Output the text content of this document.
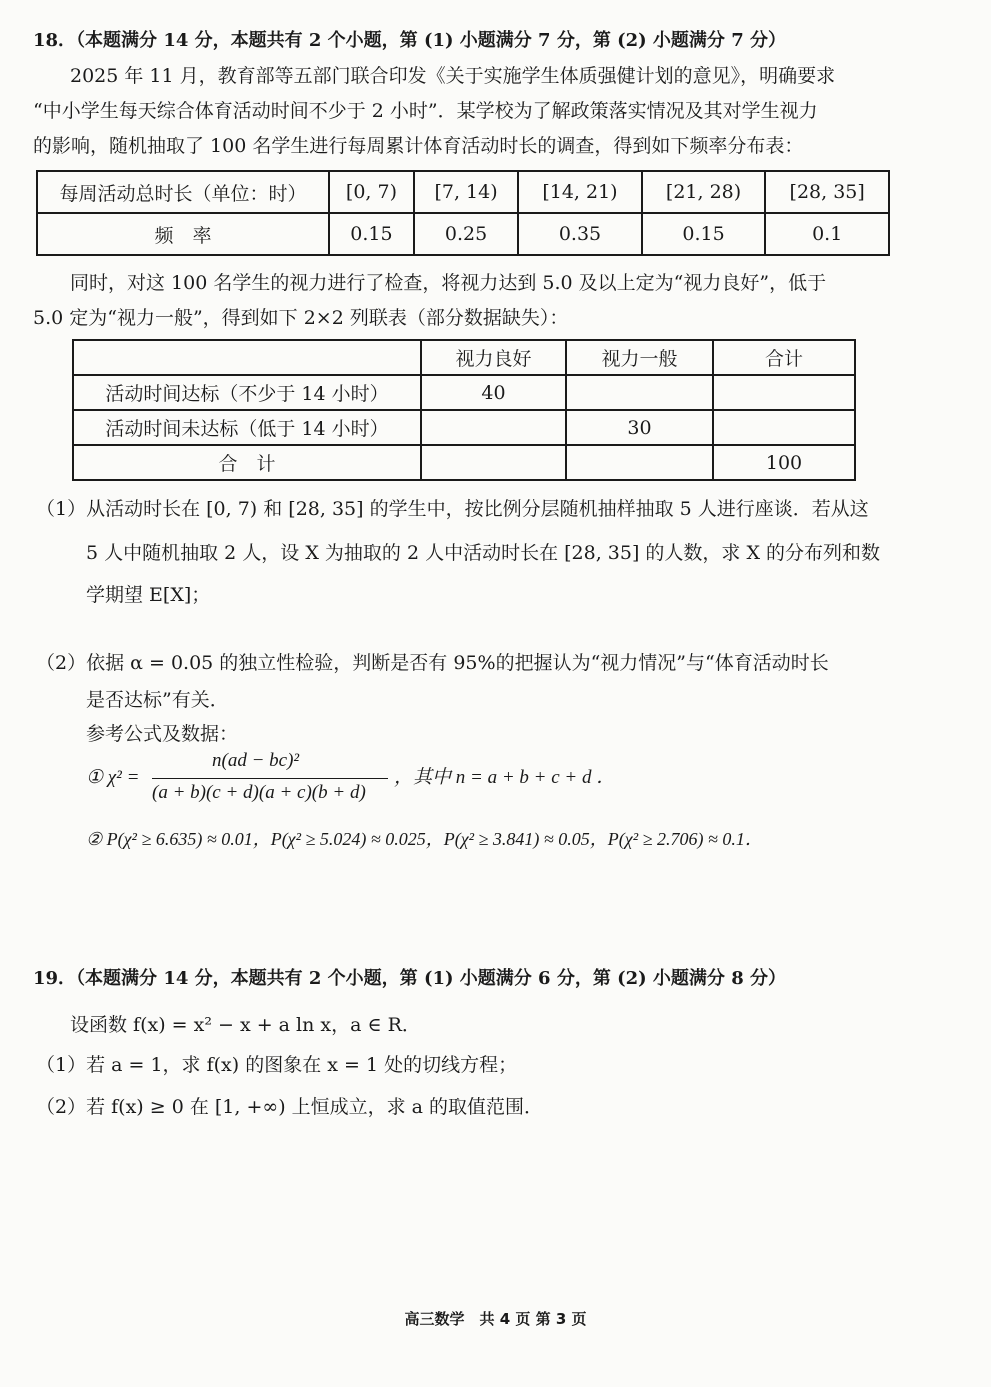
18．（本题满分 14 分，本题共有 2 个小题，第 (1) 小题满分 7 分，第 (2) 小题满分 7 分）
2025 年 11 月，教育部等五部门联合印发《关于实施学生体质强健计划的意见》，明确要求
“中小学生每天综合体育活动时间不少于 2 小时”．某学校为了解政策落实情况及其对学生视力
的影响，随机抽取了 100 名学生进行每周累计体育活动时长的调查，得到如下频率分布表：
每周活动总时长（单位：时）	[0, 7)	[7, 14)	[14, 21)	[21, 28)	[28, 35]
频　率	0.15	0.25	0.35	0.15	0.1
同时，对这 100 名学生的视力进行了检查，将视力达到 5.0 及以上定为“视力良好”，低于
5.0 定为“视力一般”，得到如下 2×2 列联表（部分数据缺失）：
	视力良好	视力一般	合计
活动时间达标（不少于 14 小时）	40		
活动时间未达标（低于 14 小时）		30	
合　计			100
（1）从活动时长在 [0, 7) 和 [28, 35] 的学生中，按比例分层随机抽样抽取 5 人进行座谈．若从这
5 人中随机抽取 2 人，设 X 为抽取的 2 人中活动时长在 [28, 35] 的人数，求 X 的分布列和数
学期望 E[X]；
（2）依据 α = 0.05 的独立性检验，判断是否有 95%的把握认为“视力情况”与“体育活动时长
是否达标”有关．
参考公式及数据：
① χ² =
n(ad − bc)²
(a + b)(c + d)(a + c)(b + d)
，其中 n = a + b + c + d ．
② P(χ² ≥ 6.635) ≈ 0.01，P(χ² ≥ 5.024) ≈ 0.025，P(χ² ≥ 3.841) ≈ 0.05，P(χ² ≥ 2.706) ≈ 0.1．
19．（本题满分 14 分，本题共有 2 个小题，第 (1) 小题满分 6 分，第 (2) 小题满分 8 分）
设函数 f(x) = x² − x + a ln x，a ∈ R．
（1）若 a = 1，求 f(x) 的图象在 x = 1 处的切线方程；
（2）若 f(x) ≥ 0 在 [1, +∞) 上恒成立，求 a 的取值范围．
高三数学　共 4 页 第 3 页
